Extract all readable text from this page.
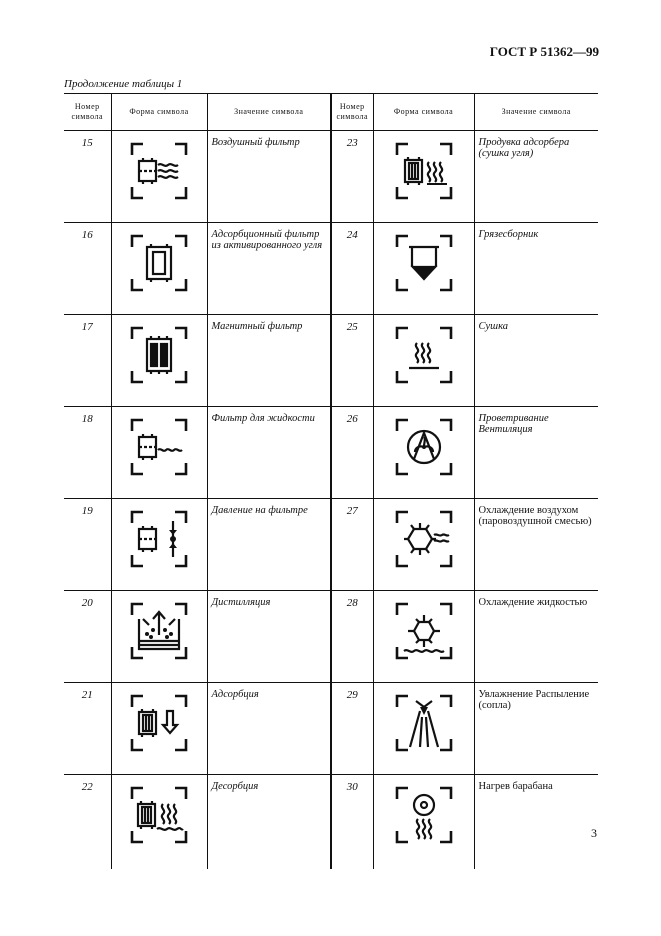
ГОСТ Р 51362—99
Продолжение таблицы 1
Номер символа	Форма символа	Значение символа	Номер символа	Форма символа	Значение символа
15		Воздушный фильтр	23		Продувка адсорбера (сушка угля)
16		Адсорбционный фильтр из активированного угля	24		Грязесборник
17		Магнитный фильтр	25		Сушка
18		Фильтр для жидкости	26		Проветривание Вентиляция
19		Давление на фильтре	27		Охлаждение воздухом (паровоздушной смесью)
20		Дистилляция	28		Охлаждение жидкостью
21		Адсорбция	29		Увлажнение Распыление (сопла)
22		Десорбция	30		Нагрев барабана
3
